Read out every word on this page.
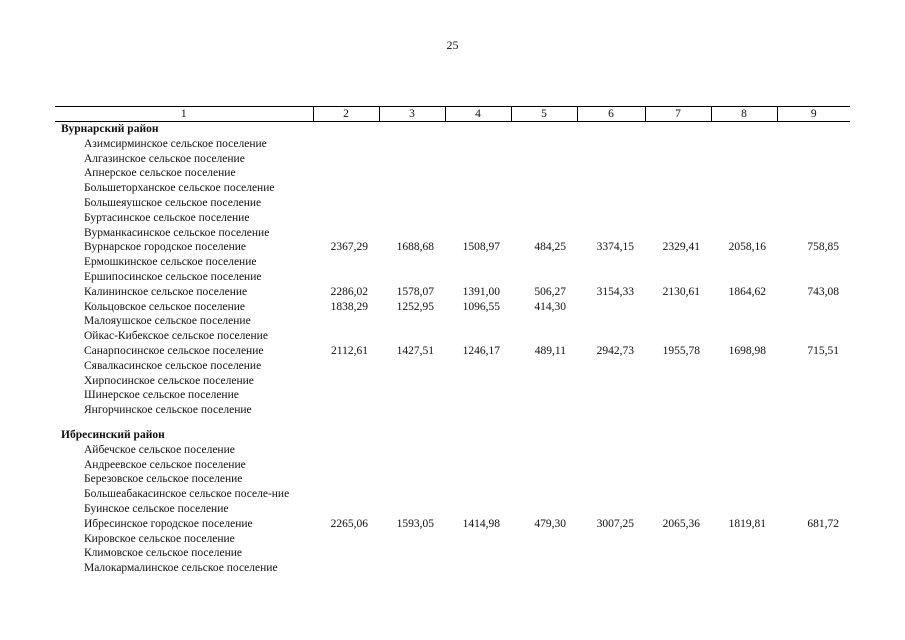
25
1	2	3	4	5	6	7	8	9
Вурнарский район								
Азимсирминское сельское поселение								
Алгазинское сельское поселение								
Апнерское сельское поселение								
Большеторханское сельское поселение								
Большеяушское сельское поселение								
Буртасинское сельское поселение								
Вурманкасинское сельское поселение								
Вурнарское городское поселение	2367,29	1688,68	1508,97	484,25	3374,15	2329,41	2058,16	758,85
Ермошкинское сельское поселение								
Ершипосинское сельское поселение								
Калининское сельское поселение	2286,02	1578,07	1391,00	506,27	3154,33	2130,61	1864,62	743,08
Кольцовское сельское поселение	1838,29	1252,95	1096,55	414,30				
Малояушское сельское поселение								
Ойкас-Кибекское сельское поселение								
Санарпосинское сельское поселение	2112,61	1427,51	1246,17	489,11	2942,73	1955,78	1698,98	715,51
Сявалкасинское сельское поселение								
Хирпосинское сельское поселение								
Шинерское сельское поселение								
Янгорчинское сельское поселение								

Ибресинский район								
Айбечское сельское поселение								
Андреевское сельское поселение								
Березовское сельское поселение								
Большеабакасинское сельское поселе-ние								
Буинское сельское поселение								
Ибресинское городское поселение	2265,06	1593,05	1414,98	479,30	3007,25	2065,36	1819,81	681,72
Кировское сельское поселение								
Климовское сельское поселение								
Малокармалинское сельское поселение								
